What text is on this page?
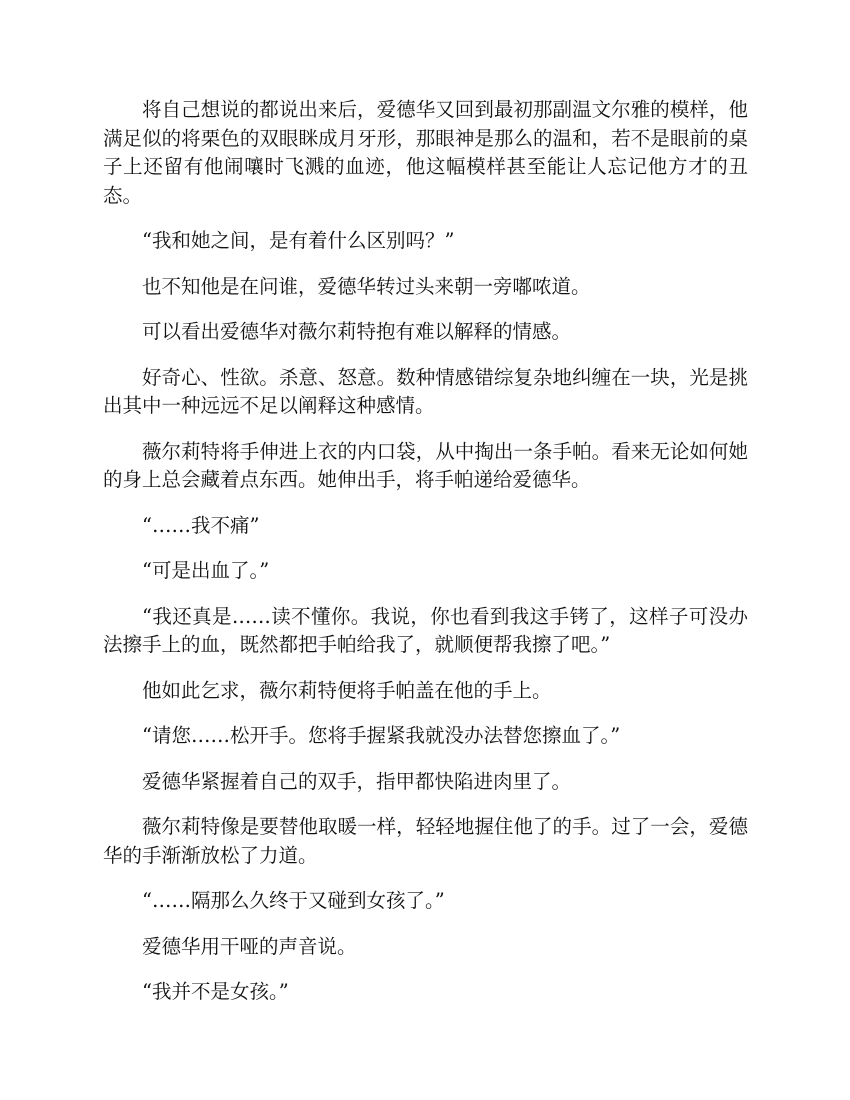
将自己想说的都说出来后，爱德华又回到最初那副温文尔雅的模样，他满足似的将栗色的双眼眯成月牙形，那眼神是那么的温和，若不是眼前的桌子上还留有他闹嚷时飞溅的血迹，他这幅模样甚至能让人忘记他方才的丑态。

“我和她之间，是有着什么区别吗？”

也不知他是在问谁，爱德华转过头来朝一旁嘟哝道。

可以看出爱德华对薇尔莉特抱有难以解释的情感。

好奇心、性欲。杀意、怒意。数种情感错综复杂地纠缠在一块，光是挑出其中一种远远不足以阐释这种感情。

薇尔莉特将手伸进上衣的内口袋，从中掏出一条手帕。看来无论如何她的身上总会藏着点东西。她伸出手，将手帕递给爱德华。

“……我不痛”

“可是出血了。”

“我还真是……读不懂你。我说，你也看到我这手铐了，这样子可没办法擦手上的血，既然都把手帕给我了，就顺便帮我擦了吧。”

他如此乞求，薇尔莉特便将手帕盖在他的手上。

“请您……松开手。您将手握紧我就没办法替您擦血了。”

爱德华紧握着自己的双手，指甲都快陷进肉里了。

薇尔莉特像是要替他取暖一样，轻轻地握住他了的手。过了一会，爱德华的手渐渐放松了力道。

“……隔那么久终于又碰到女孩了。”

爱德华用干哑的声音说。

“我并不是女孩。”
